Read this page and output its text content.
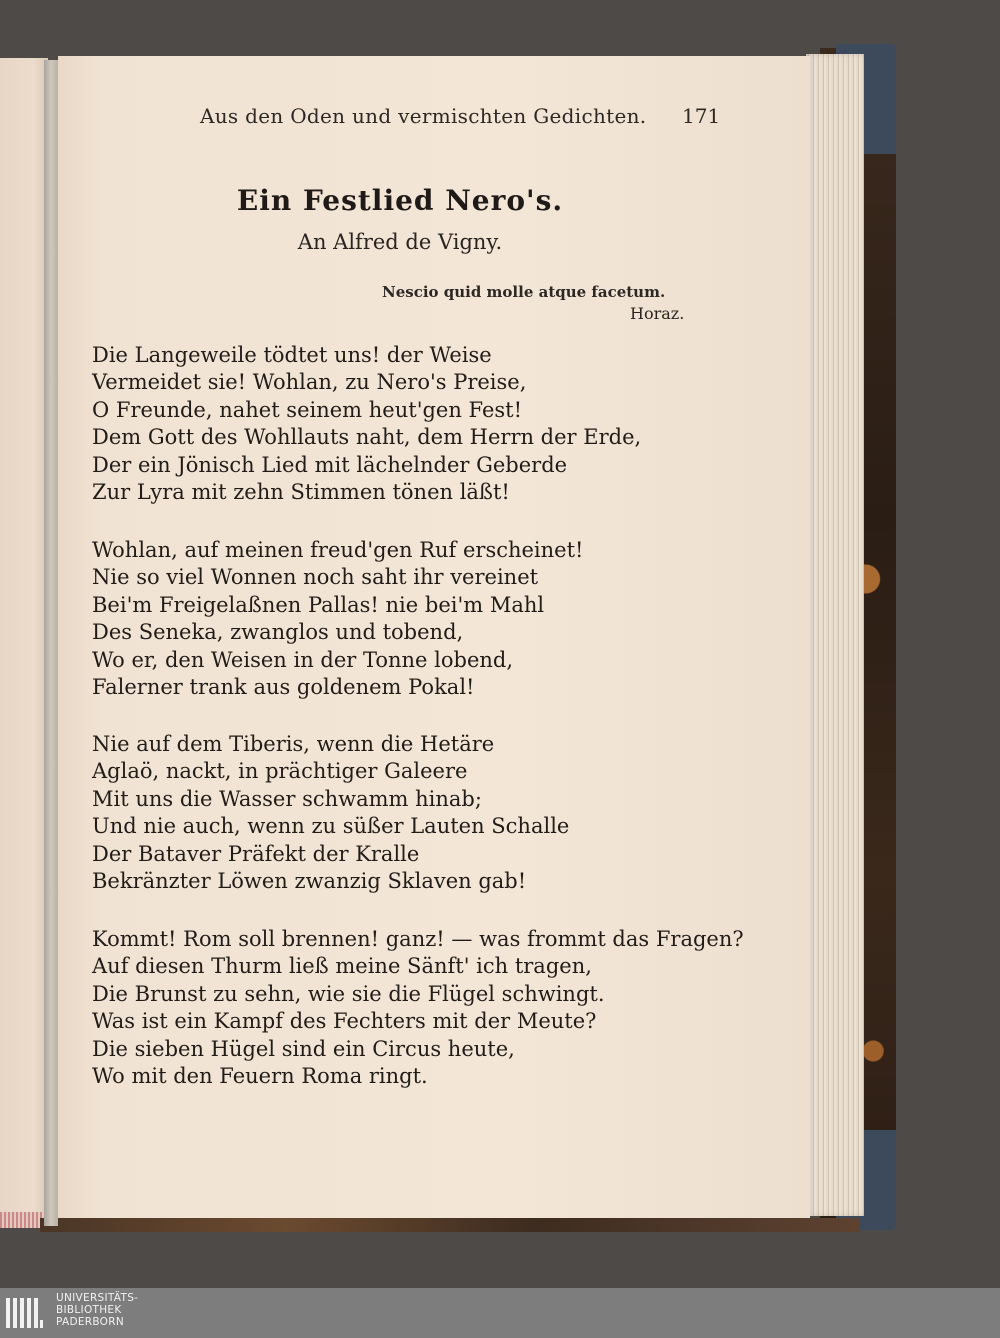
Aus den Oden und vermischten Gedichten. 171
Ein Festlied Nero's.
An Alfred de Vigny.
Nescio quid molle atque facetum.
Horaz.
Die Langeweile tödtet uns! der Weise
Vermeidet sie! Wohlan, zu Nero's Preise,
O Freunde, nahet seinem heut'gen Fest!
Dem Gott des Wohllauts naht, dem Herrn der Erde,
Der ein Jönisch Lied mit lächelnder Geberde
Zur Lyra mit zehn Stimmen tönen läßt!
Wohlan, auf meinen freud'gen Ruf erscheinet!
Nie so viel Wonnen noch saht ihr vereinet
Bei'm Freigelaßnen Pallas! nie bei'm Mahl
Des Seneka, zwanglos und tobend,
Wo er, den Weisen in der Tonne lobend,
Falerner trank aus goldenem Pokal!
Nie auf dem Tiberis, wenn die Hetäre
Aglaö, nackt, in prächtiger Galeere
Mit uns die Wasser schwamm hinab;
Und nie auch, wenn zu süßer Lauten Schalle
Der Bataver Präfekt der Kralle
Bekränzter Löwen zwanzig Sklaven gab!
Kommt! Rom soll brennen! ganz! — was frommt das Fragen?
Auf diesen Thurm ließ meine Sänft' ich tragen,
Die Brunst zu sehn, wie sie die Flügel schwingt.
Was ist ein Kampf des Fechters mit der Meute?
Die sieben Hügel sind ein Circus heute,
Wo mit den Feuern Roma ringt.
UNIVERSITÄTS-
BIBLIOTHEK
PADERBORN
